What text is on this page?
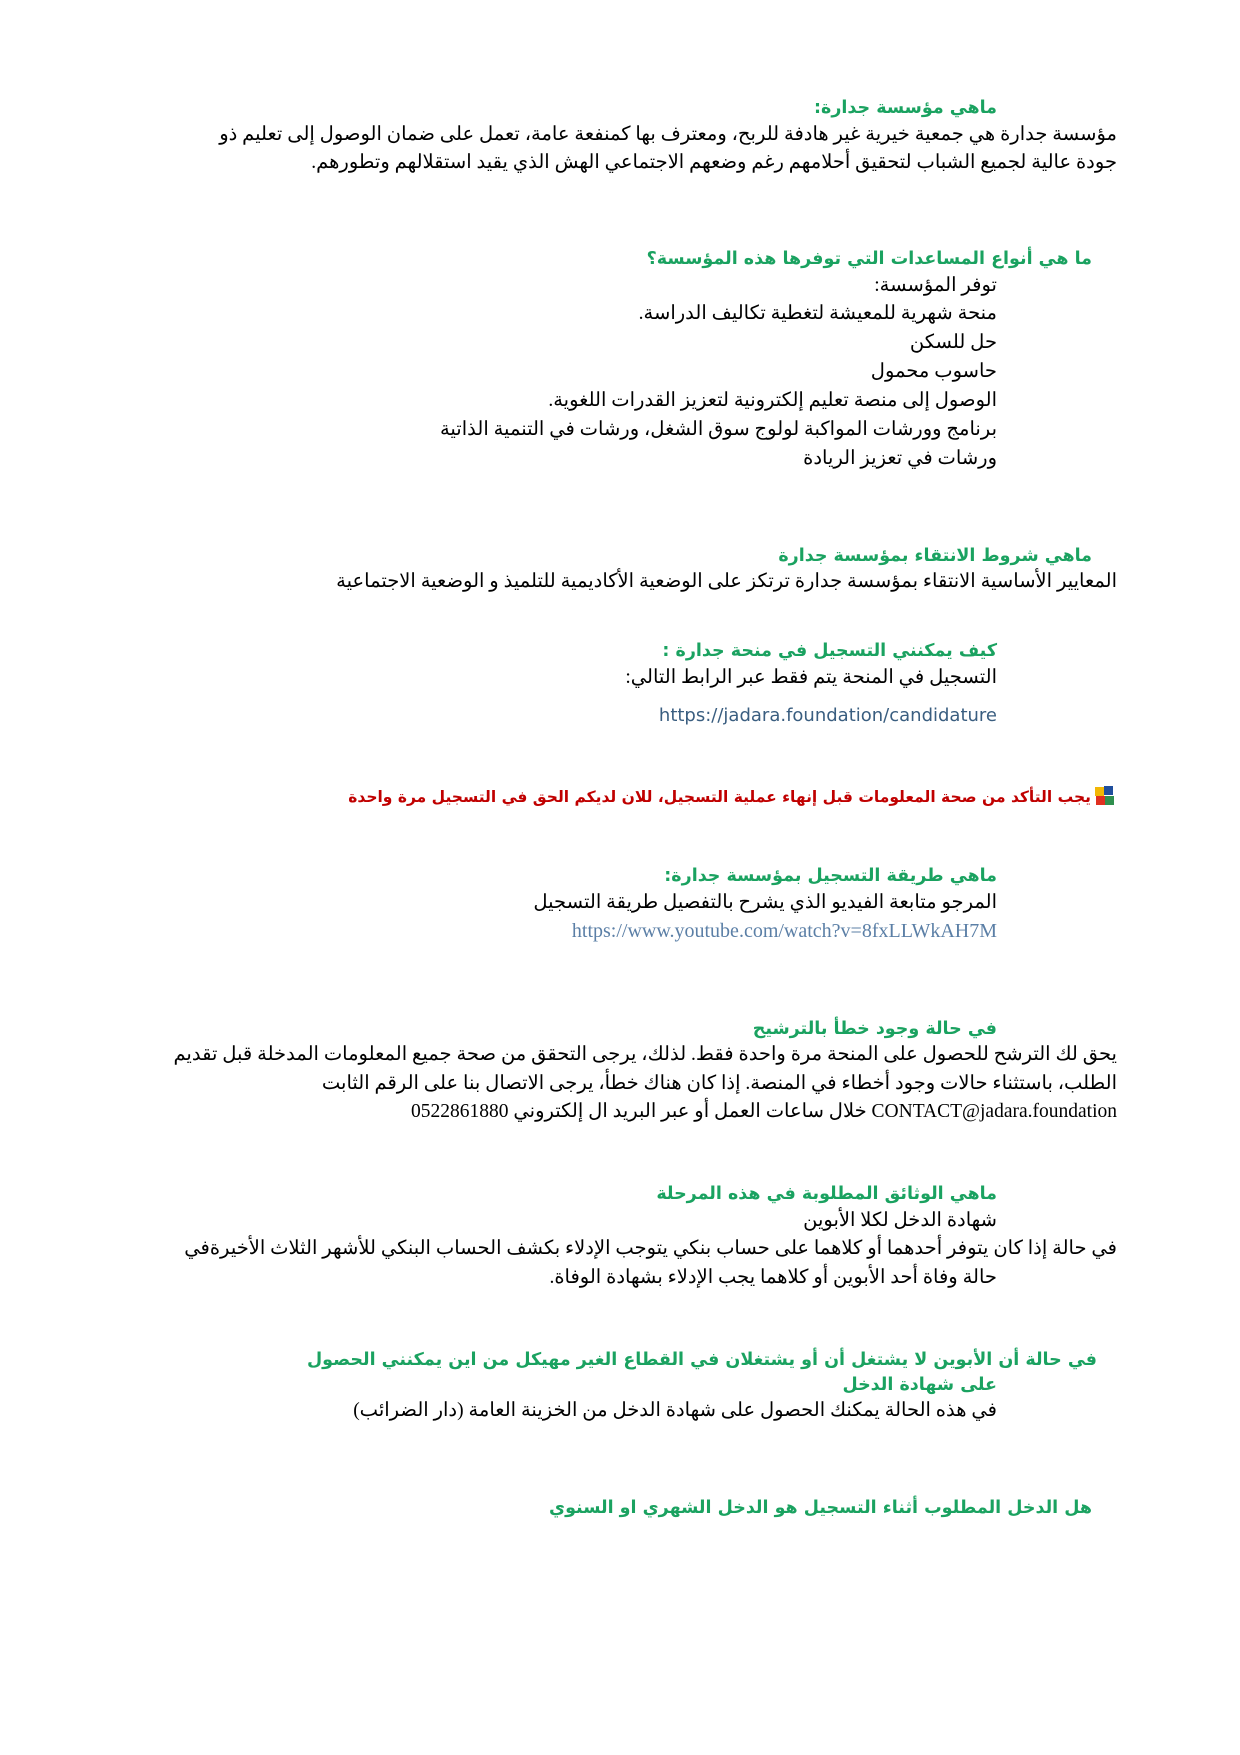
ماهي مؤسسة جدارة:

مؤسسة جدارة هي جمعية خيرية غير هادفة للربح، ومعترف بها كمنفعة عامة، تعمل على ضمان الوصول إلى تعليم ذو

جودة عالية لجميع الشباب لتحقيق أحلامهم رغم وضعهم الاجتماعي الهش الذي يقيد استقلالهم وتطورهم.

ما هي أنواع المساعدات التي توفرها هذه المؤسسة؟

توفر المؤسسة:

منحة شهرية للمعيشة لتغطية تكاليف الدراسة.

حل للسكن

حاسوب محمول

الوصول إلى منصة تعليم إلكترونية لتعزيز القدرات اللغوية.

برنامج وورشات المواكبة لولوج سوق الشغل، ورشات في التنمية الذاتية

ورشات في تعزيز الريادة

ماهي شروط الانتقاء بمؤسسة جدارة

المعايير الأساسية الانتقاء بمؤسسة جدارة ترتكز على الوضعية الأكاديمية للتلميذ و الوضعية الاجتماعية

كيف يمكنني التسجيل في منحة جدارة :

التسجيل في المنحة يتم فقط عبر الرابط التالي:

https://jadara.foundation/candidature

يجب التأكد من صحة المعلومات قبل إنهاء عملية التسجيل، للان لديكم الحق في التسجيل مرة واحدة
ماهي طريقة التسجيل بمؤسسة جدارة:

المرجو متابعة الفيديو الذي يشرح بالتفصيل طريقة التسجيل

https://www.youtube.com/watch?v=8fxLLWkAH7M

في حالة وجود خطأ بالترشيح

يحق لك الترشح للحصول على المنحة مرة واحدة فقط. لذلك، يرجى التحقق من صحة جميع المعلومات المدخلة قبل تقديم

الطلب، باستثناء حالات وجود أخطاء في المنصة. إذا كان هناك خطأ، يرجى الاتصال بنا على الرقم الثابت

CONTACT@jadara.foundation خلال ساعات العمل أو عبر البريد ال إلكتروني 0522861880

ماهي الوثائق المطلوبة في هذه المرحلة

شهادة الدخل لكلا الأبوين

في حالة إذا كان يتوفر أحدهما أو كلاهما على حساب بنكي يتوجب الإدلاء بكشف الحساب البنكي للأشهر الثلاث الأخيرةفي

حالة وفاة أحد الأبوين أو كلاهما يجب الإدلاء بشهادة الوفاة.

في حالة أن الأبوين لا يشتغل أن أو يشتغلان في القطاع الغير مهيكل من اين يمكنني الحصول
على شهادة الدخل

في هذه الحالة يمكنك الحصول على شهادة الدخل من الخزينة العامة (دار الضرائب)

هل الدخل المطلوب أثناء التسجيل هو الدخل الشهري او السنوي
